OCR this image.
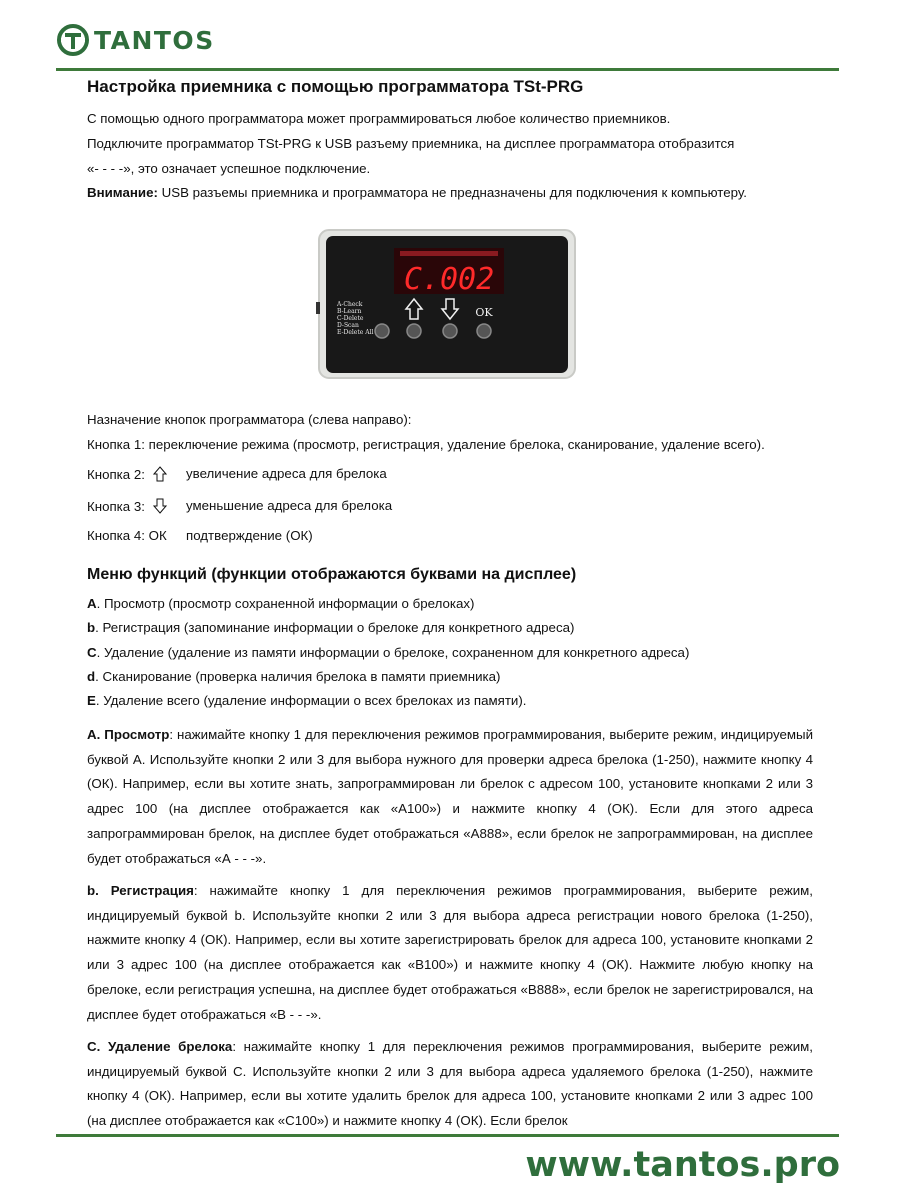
TANTOS
Настройка приемника с помощью программатора TSt-PRG
С помощью одного программатора может программироваться любое количество приемников.
Подключите программатор TSt-PRG к USB разъему приемника, на дисплее программатора отобразится
«- - - -», это означает успешное подключение.
Внимание: USB разъемы приемника и программатора не предназначены для подключения к компьютеру.
C.002
A-Check
B-Learn
C-Delete
D-Scan
E-Delete All
OK
Назначение кнопок программатора (слева направо):
Кнопка 1: переключение режима (просмотр, регистрация, удаление брелока, сканирование, удаление всего).
Кнопка 2:	увеличение адреса для брелока
Кнопка 3:	уменьшение адреса для брелока
Кнопка 4: ОК подтверждение (ОК)
Меню функций (функции отображаются буквами на дисплее)
A. Просмотр (просмотр сохраненной информации о брелоках)
b. Регистрация (запоминание информации о брелоке для конкретного адреса)
C. Удаление (удаление из памяти информации о брелоке, сохраненном для конкретного адреса)
d. Сканирование (проверка наличия брелока в памяти приемника)
E. Удаление всего (удаление информации о всех брелоках из памяти).
А. Просмотр: нажимайте кнопку 1 для переключения режимов программирования, выберите режим, индицируемый буквой А. Используйте кнопки 2 или 3 для выбора нужного для проверки адреса брелока (1-250), нажмите кнопку 4 (ОК). Например, если вы хотите знать, запрограммирован ли брелок с адресом 100, установите кнопками 2 или 3 адрес 100 (на дисплее отображается как «А100») и нажмите кнопку 4 (ОК). Если для этого адреса запрограммирован брелок, на дисплее будет отображаться «А888», если брелок не запрограммирован, на дисплее будет отображаться «А - - -».
b. Регистрация: нажимайте кнопку 1 для переключения режимов программирования, выберите режим, индицируемый буквой b. Используйте кнопки 2 или 3 для выбора адреса регистрации нового брелока (1-250), нажмите кнопку 4 (ОК). Например, если вы хотите зарегистрировать брелок для адреса 100, установите кнопками 2 или 3 адрес 100 (на дисплее отображается как «В100») и нажмите кнопку 4 (ОК). Нажмите любую кнопку на брелоке, если регистрация успешна, на дисплее будет отображаться «В888», если брелок не зарегистрировался, на дисплее будет отображаться «В - - -».
С. Удаление брелока: нажимайте кнопку 1 для переключения режимов программирования, выберите режим, индицируемый буквой С. Используйте кнопки 2 или 3 для выбора адреса удаляемого брелока (1-250), нажмите кнопку 4 (ОК). Например, если вы хотите удалить брелок для адреса 100, установите кнопками 2 или 3 адрес 100 (на дисплее отображается как «С100») и нажмите кнопку 4 (ОК). Если брелок
www.tantos.pro
